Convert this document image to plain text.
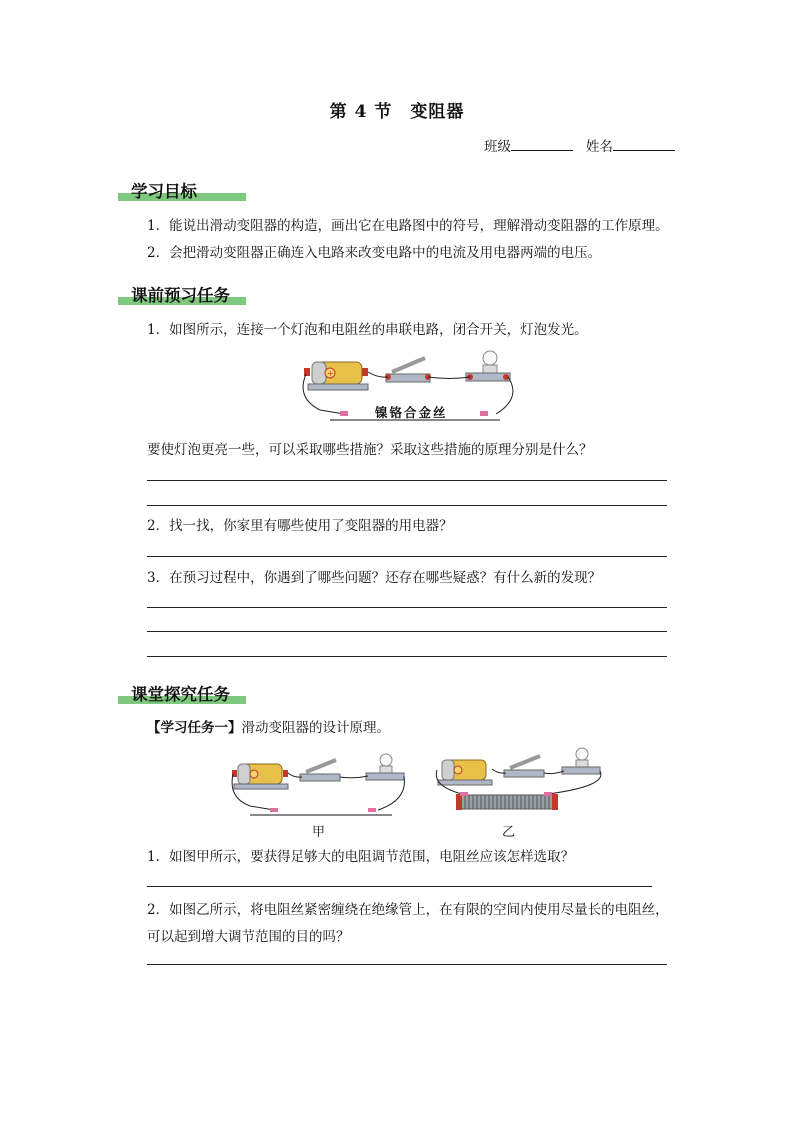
第 4 节　变阻器
班级	姓名
学习目标
1．能说出滑动变阻器的构造，画出它在电路图中的符号，理解滑动变阻器的工作原理。
2．会把滑动变阻器正确连入电路来改变电路中的电流及用电器两端的电压。
课前预习任务
1．如图所示，连接一个灯泡和电阻丝的串联电路，闭合开关，灯泡发光。
+
镍铬合金丝
要使灯泡更亮一些，可以采取哪些措施？采取这些措施的原理分别是什么？
2．找一找，你家里有哪些使用了变阻器的用电器？
3．在预习过程中，你遇到了哪些问题？还存在哪些疑惑？有什么新的发现？
课堂探究任务
【学习任务一】滑动变阻器的设计原理。
甲	乙
1．如图甲所示，要获得足够大的电阻调节范围，电阻丝应该怎样选取？
2．如图乙所示，将电阻丝紧密缠绕在绝缘管上，在有限的空间内使用尽量长的电阻丝，
可以起到增大调节范围的目的吗？
